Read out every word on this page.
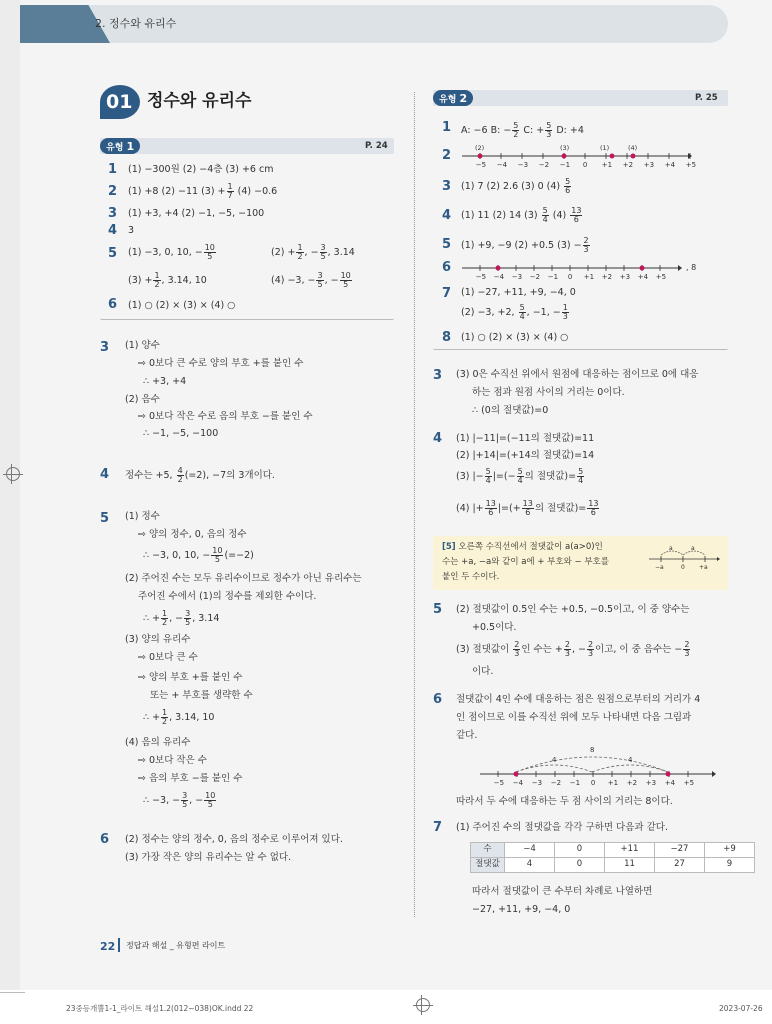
2. 정수와 유리수
01 정수와 유리수
유형 1	P. 24
1 (1) −300원 (2) −4층 (3) +6 cm
2 (1) +8 (2) −11 $(3) + \frac{1}{7} (4) -0.6$
3 (1) +3, +4 (2) −1, −5, −100
4 3
5 (1) −3, 0, 10, − $\frac{10}{5}$	$(2) + \frac{1}{2}$ , − $\frac{3}{5}$ , 3.14
$(3) + \frac{1}{2}$ , 3.14, 10	(4) −3, − $\frac{3}{5}$ , − $\frac{10}{5}$
6 (1) ○ (2) × (3) × (4) ○
3 (1) 양수
⇨ 0보다 큰 수로 양의 부호 +를 붙인 수
∴ +3, +4
(2) 음수
⇨ 0보다 작은 수로 음의 부호 −를 붙인 수
∴ −1, −5, −100
4 정수는 +5, $\frac{4}{2} (=2)$, −7의 3개이다.
5 (1) 정수
⇨ 양의 정수, 0, 음의 정수
∴ −3, 0, 10, − $\frac{10}{5} (=-2)$
(2) 주어진 수는 모두 유리수이므로 정수가 아닌 유리수는
주어진 수에서 (1)의 정수를 제외한 수이다.
∴ + $\frac{1}{2}$ , − $\frac{3}{5}$ , 3.14
(3) 양의 유리수
⇨ 0보다 큰 수
⇨ 양의 부호 +를 붙인 수
또는 + 부호를 생략한 수
∴ + $\frac{1}{2}$ , 3.14, 10
(4) 음의 유리수
⇨ 0보다 작은 수
⇨ 음의 부호 −를 붙인 수
∴ −3, − $\frac{3}{5}$ , − $\frac{10}{5}$
6 (2) 정수는 양의 정수, 0, 음의 정수로 이루어져 있다.
(3) 가장 작은 양의 유리수는 알 수 없다.
유형 2	P. 25
1 A: −6 B: − $\frac{5}{2} C$: + $\frac{5}{3} D$: +4
2
−5 −4 −3 −2 −1 0 +1 +2 +3 +4 +5
(2)	(3)	(1)	(4)
3 (1) 7 (2) 2.6 (3) 0 $(4) \frac{5}{6}$
4 (1) 11 (2) 14 $(3) \frac{5}{4} (4) \frac{13}{6}$
5 (1) +9, −9 (2) +0.5 $(3) - \frac{2}{3}$
6
−5 −4 −3 −2 −1 0 +1 +2 +3 +4 +5
, 8
7 (1) −27, +11, +9, −4, 0
(2) −3, +2, $\frac{5}{4}$ , −1, − $\frac{1}{3}$
8 (1) ○ (2) × (3) × (4) ○
3 (3) 0은 수직선 위에서 원점에 대응하는 점이므로 0에 대응
하는 점과 원점 사이의 거리는 0이다.
∴ (0의 절댓값)=0
4 (1) |−11|=(−11의 절댓값)=11
(2) |+14|=(+14의 절댓값)=14
(3) |− $\frac{5}{4}$ |=(− $\frac{5}{4}$ 의 절댓값)= $\frac{5}{4}$
(4) |+ $\frac{13}{6}$ |=(+ $\frac{13}{6}$ 의 절댓값)= $\frac{13}{6}$
[5] 오른쪽 수직선에서 절댓값이 a(a>0)인
수는 +a, −a와 같이 a에 + 부호와 − 부호를
붙인 두 수이다.
a	a
−a	0 +a
5 (2) 절댓값이 0.5인 수는 +0.5, −0.5이고, 이 중 양수는
+0.5이다.
(3) 절댓값이 $\frac{2}{3}$ 인 수는 + $\frac{2}{3}$ , − $\frac{2}{3}$ 이고, 이 중 음수는 − $\frac{2}{3}$
이다.
6 절댓값이 4인 수에 대응하는 점은 원점으로부터의 거리가 4
인 점이므로 이를 수직선 위에 모두 나타내면 다음 그림과
같다.
−5 −4 −3 −2 −1 0 +1 +2 +3 +4 +5
4	4
8
따라서 두 수에 대응하는 두 점 사이의 거리는 8이다.
7 (1) 주어진 수의 절댓값을 각각 구하면 다음과 같다.
수	−4	0	+11	−27	+9
절댓값	4	0	11	27	9
따라서 절댓값이 큰 수부터 차례로 나열하면
−27, +11, +9, −4, 0
22 정답과 해설 _ 유형편 라이트
23중등개뿔1-1_라이트 해설1.2(012~038)OK.indd 22	2023-07-26
